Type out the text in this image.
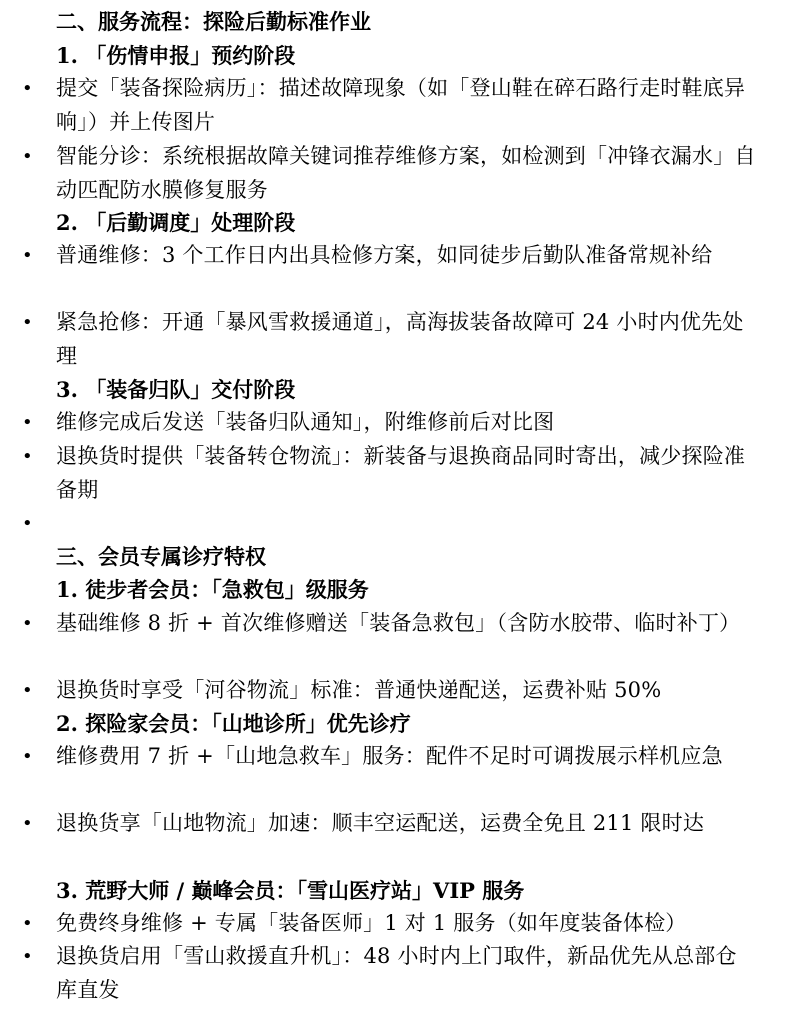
二、服务流程：探险后勤标准作业
1. 「伤情申报」预约阶段
• 提交「装备探险病历」：描述故障现象（如「登山鞋在碎石路行走时鞋底异响」）并上传图片
• 智能分诊：系统根据故障关键词推荐维修方案，如检测到「冲锋衣漏水」自动匹配防水膜修复服务
2. 「后勤调度」处理阶段
• 普通维修：3 个工作日内出具检修方案，如同徒步后勤队准备常规补给
• 紧急抢修：开通「暴风雪救援通道」，高海拔装备故障可 24 小时内优先处理
3. 「装备归队」交付阶段
• 维修完成后发送「装备归队通知」，附维修前后对比图
• 退换货时提供「装备转仓物流」：新装备与退换商品同时寄出，减少探险准备期
•
三、会员专属诊疗特权
1. 徒步者会员：「急救包」级服务
• 基础维修 8 折 + 首次维修赠送「装备急救包」（含防水胶带、临时补丁）
• 退换货时享受「河谷物流」标准：普通快递配送，运费补贴 50%
2. 探险家会员：「山地诊所」优先诊疗
• 维修费用 7 折 +「山地急救车」服务：配件不足时可调拨展示样机应急
• 退换货享「山地物流」加速：顺丰空运配送，运费全免且 211 限时达
3. 荒野大师 / 巅峰会员：「雪山医疗站」VIP 服务
• 免费终身维修 + 专属「装备医师」1 对 1 服务（如年度装备体检）
• 退换货启用「雪山救援直升机」：48 小时内上门取件，新品优先从总部仓库直发
